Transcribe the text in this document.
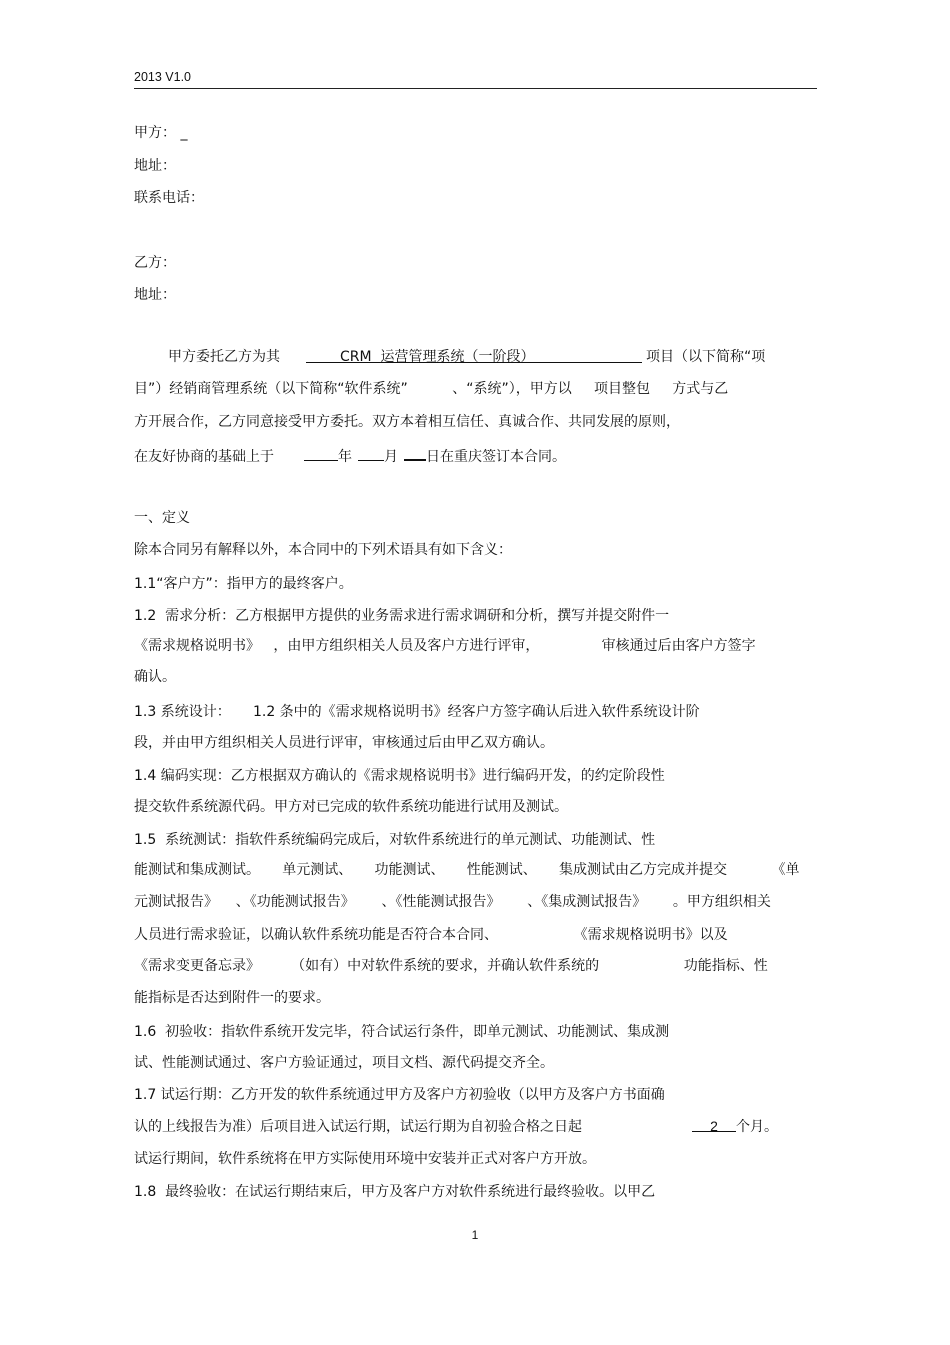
2013 V1.0
甲方： _
地址：
联系电话：
乙方：
地址：
甲方委托乙方为其	CRM  运营管理系统（一阶段）	项目（以下简称“项
目”）经销商管理系统（以下简称“软件系统”          、“系统”），甲方以     项目整包     方式与乙
方开展合作，乙方同意接受甲方委托。双方本着相互信任、真诚合作、共同发展的原则，
在友好协商的基础上于	年 月 日在重庆签订本合同。
一、定义
除本合同另有解释以外，本合同中的下列术语具有如下含义：
1.1“客户方”：指甲方的最终客户。
1.2  需求分析：乙方根据甲方提供的业务需求进行需求调研和分析，撰写并提交附件一
《需求规格说明书》   ，由甲方组织相关人员及客户方进行评审，              审核通过后由客户方签字
确认。
1.3 系统设计：     1.2 条中的《需求规格说明书》经客户方签字确认后进入软件系统设计阶
段，并由甲方组织相关人员进行评审，审核通过后由甲乙双方确认。
1.4 编码实现：乙方根据双方确认的《需求规格说明书》进行编码开发，的约定阶段性
提交软件系统源代码。甲方对已完成的软件系统功能进行试用及测试。
1.5  系统测试：指软件系统编码完成后，对软件系统进行的单元测试、功能测试、性
能测试和集成测试。     单元测试、     功能测试、     性能测试、     集成测试由乙方完成并提交          《单
元测试报告》    、《功能测试报告》      、《性能测试报告》      、《集成测试报告》      。甲方组织相关
人员进行需求验证，以确认软件系统功能是否符合本合同、                 《需求规格说明书》以及
《需求变更备忘录》       （如有）中对软件系统的要求，并确认软件系统的                   功能指标、性
能指标是否达到附件一的要求。
1.6  初验收：指软件系统开发完毕，符合试运行条件，即单元测试、功能测试、集成测
试、性能测试通过、客户方验证通过，项目文档、源代码提交齐全。
1.7 试运行期：乙方开发的软件系统通过甲方及客户方初验收（以甲方及客户方书面确
认的上线报告为准）后项目进入试运行期，试运行期为自初验合格之日起	2 个月。
试运行期间，软件系统将在甲方实际使用环境中安装并正式对客户方开放。
1.8  最终验收：在试运行期结束后，甲方及客户方对软件系统进行最终验收。以甲乙
1
